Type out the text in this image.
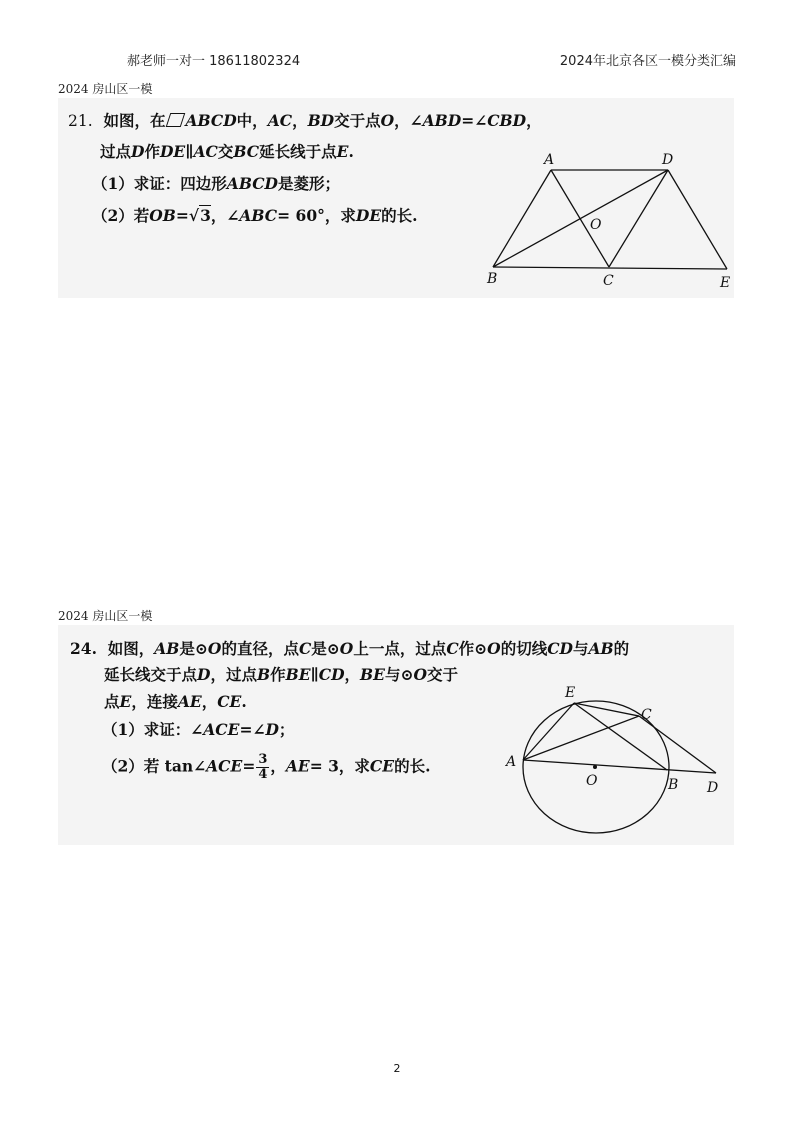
郝老师一对一 18611802324	2024年北京各区一模分类汇编
2024 房山区一模
21. 如图，在 ABCD中，AC，BD交于点O，∠ABD=∠CBD，
过点D作DE∥AC交BC延长线于点E.
（1）求证：四边形ABCD是菱形；
（2）若OB=√3，∠ABC= 60°，求DE的长.
A	D
O
B	C	E
2024 房山区一模
24. 如图，AB是⊙O的直径，点C是⊙O上一点，过点C作⊙O的切线CD与AB的
延长线交于点D，过点B作BE∥CD，BE与⊙O交于
点E，连接AE，CE.
（1）求证：∠ACE=∠D；
（2）若 tan∠ACE= $\frac{3}{4}$ ，AE= 3，求CE的长.
E
C
A
O	B D
2
